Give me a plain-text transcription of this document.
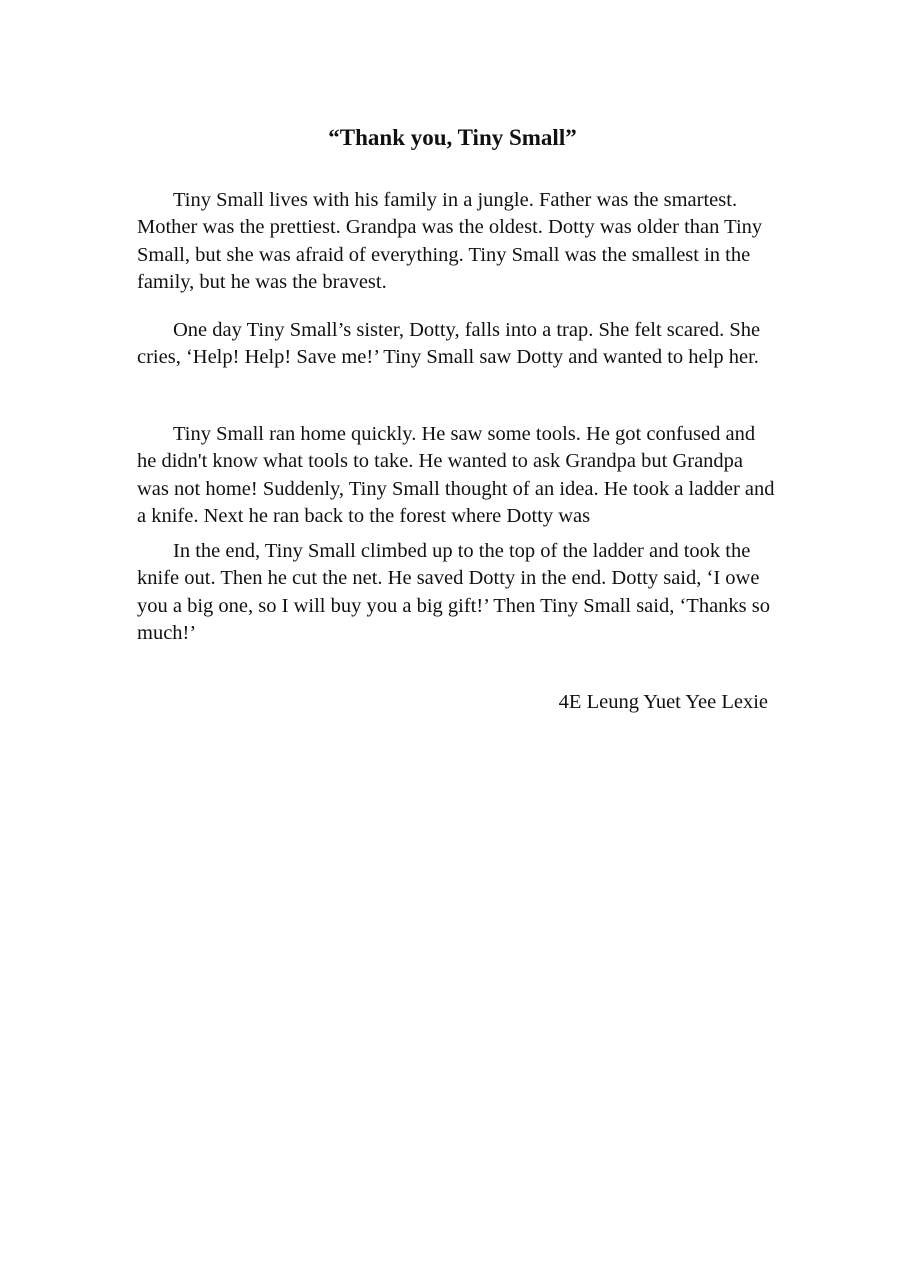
“Thank you, Tiny Small”

Tiny Small lives with his family in a jungle. Father was the smartest. Mother was the prettiest. Grandpa was the oldest. Dotty was older than Tiny Small, but she was afraid of everything. Tiny Small was the smallest in the family, but he was the bravest.

One day Tiny Small’s sister, Dotty, falls into a trap. She felt scared. She cries, ‘Help! Help! Save me!’ Tiny Small saw Dotty and wanted to help her.

Tiny Small ran home quickly. He saw some tools. He got confused and he didn't know what tools to take. He wanted to ask Grandpa but Grandpa was not home! Suddenly, Tiny Small thought of an idea. He took a ladder and a knife. Next he ran back to the forest where Dotty was

In the end, Tiny Small climbed up to the top of the ladder and took the knife out. Then he cut the net. He saved Dotty in the end. Dotty said, ‘I owe you a big one, so I will buy you a big gift!’ Then Tiny Small said, ‘Thanks so much!’

4E Leung Yuet Yee Lexie
